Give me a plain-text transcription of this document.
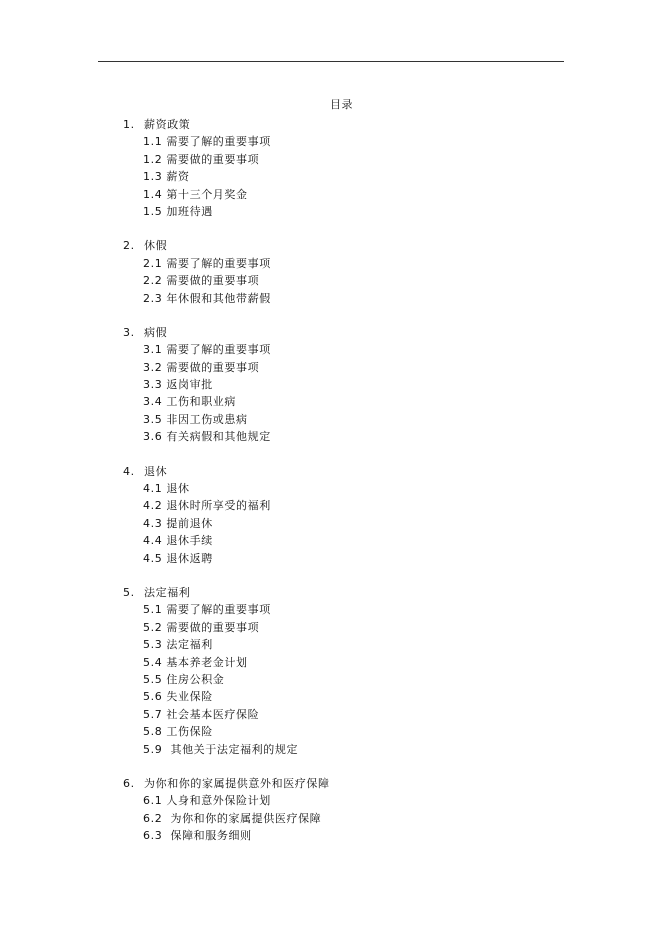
目录
1. 薪资政策
1.1 需要了解的重要事项
1.2 需要做的重要事项
1.3 薪资
1.4 第十三个月奖金
1.5 加班待遇
2. 休假
2.1 需要了解的重要事项
2.2 需要做的重要事项
2.3 年休假和其他带薪假
3. 病假
3.1 需要了解的重要事项
3.2 需要做的重要事项
3.3 返岗审批
3.4 工伤和职业病
3.5 非因工伤或患病
3.6 有关病假和其他规定
4. 退休
4.1 退休
4.2 退休时所享受的福利
4.3 提前退休
4.4 退休手续
4.5 退休返聘
5. 法定福利
5.1 需要了解的重要事项
5.2 需要做的重要事项
5.3 法定福利
5.4 基本养老金计划
5.5 住房公积金
5.6 失业保险
5.7 社会基本医疗保险
5.8 工伤保险
5.9  其他关于法定福利的规定
6. 为你和你的家属提供意外和医疗保障
6.1 人身和意外保险计划
6.2  为你和你的家属提供医疗保障
6.3  保障和服务细则
